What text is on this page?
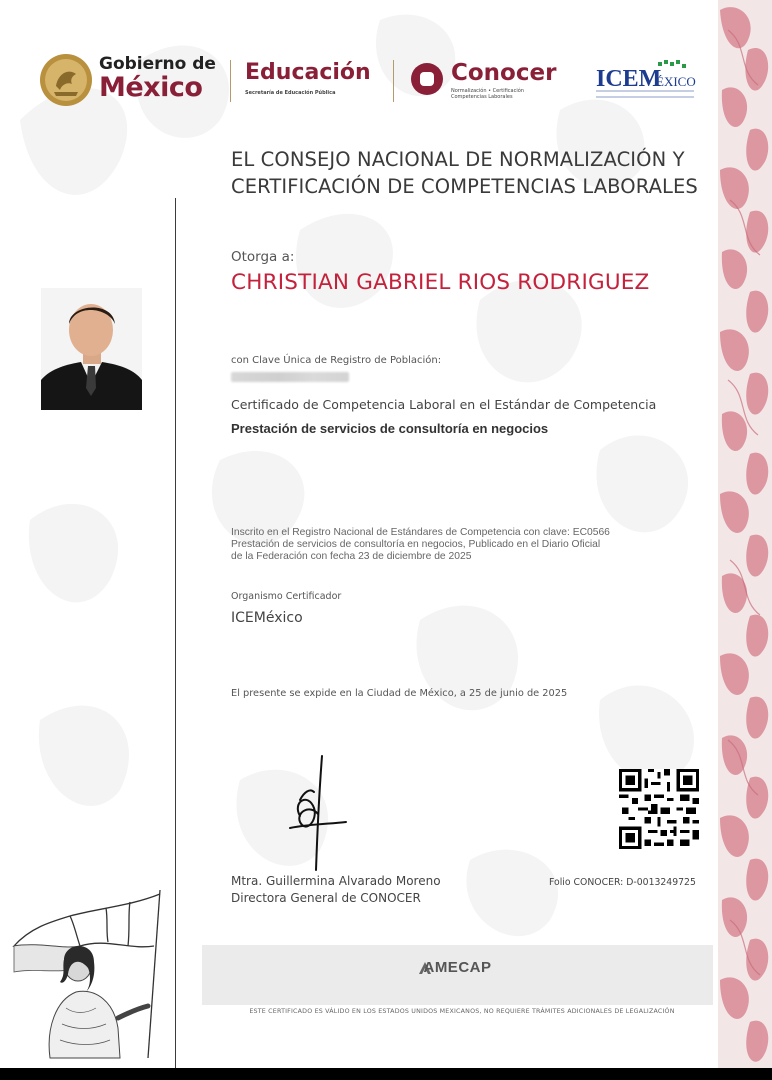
Gobierno de
México Educación
Secretaría de Educación Pública
Conocer
Normalización • Certificación Competencias Laborales
ICEM
ÉXICO
EL CONSEJO NACIONAL DE NORMALIZACIÓN Y
CERTIFICACIÓN DE COMPETENCIAS LABORALES
Otorga a:
CHRISTIAN GABRIEL RIOS RODRIGUEZ
con Clave Única de Registro de Población:
Certificado de Competencia Laboral en el Estándar de Competencia
Prestación de servicios de consultoría en negocios
Inscrito en el Registro Nacional de Estándares de Competencia con clave: EC0566
Prestación de servicios de consultoría en negocios, Publicado en el Diario Oficial
de la Federación con fecha 23 de diciembre de 2025
Organismo Certificador
ICEMéxico
El presente se expide en la Ciudad de México, a 25 de junio de 2025
Mtra. Guillermina Alvarado Moreno
Directora General de CONOCER
Folio CONOCER: D-0013249725
AMECAP
ESTE CERTIFICADO ES VÁLIDO EN LOS ESTADOS UNIDOS MEXICANOS, NO REQUIERE TRÁMITES ADICIONALES DE LEGALIZACIÓN
